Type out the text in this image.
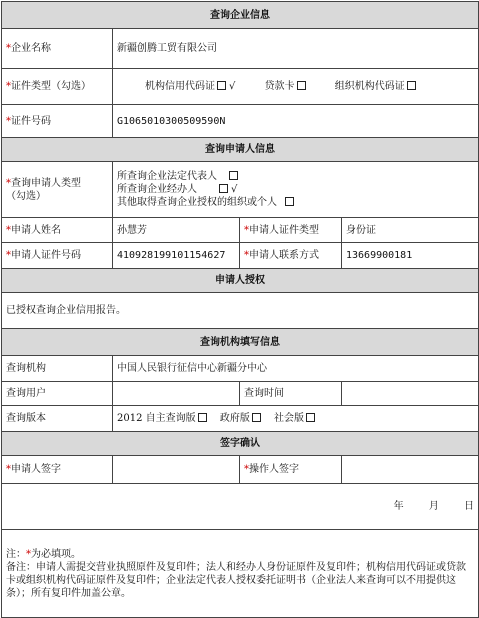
查询企业信息			
*企业名称	新疆创腾工贸有限公司		
*证件类型（勾选）	机构信用代码证 √ 贷款卡 组织机构代码证		
*证件号码	G1065010300509590N		
查询申请人信息			

*查询申请人类型
（勾选）	所查询企业法定代表人
所查询企业经办人 √
其他取得查询企业授权的组织或个人		

*申请人姓名	孙慧芳	*申请人证件类型	身份证
*申请人证件号码	410928199101154627	*申请人联系方式	13669900181
申请人授权			
已授权查询企业信用报告。			
查询机构填写信息			
查询机构	中国人民银行征信中心新疆分中心		
查询用户		查询时间	
查询版本	2012 自主查询版 政府版 社会版		
签字确认			
*申请人签字		*操作人签字	
年 月 日			

注：*为必填项。
备注：申请人需提交营业执照原件及复印件；法人和经办人身份证原件及复印件；机构信用代码证或贷款卡或组织机构代码证原件及复印件；企业法定代表人授权委托证明书（企业法人来查询可以不用提供这条）；所有复印件加盖公章。			
